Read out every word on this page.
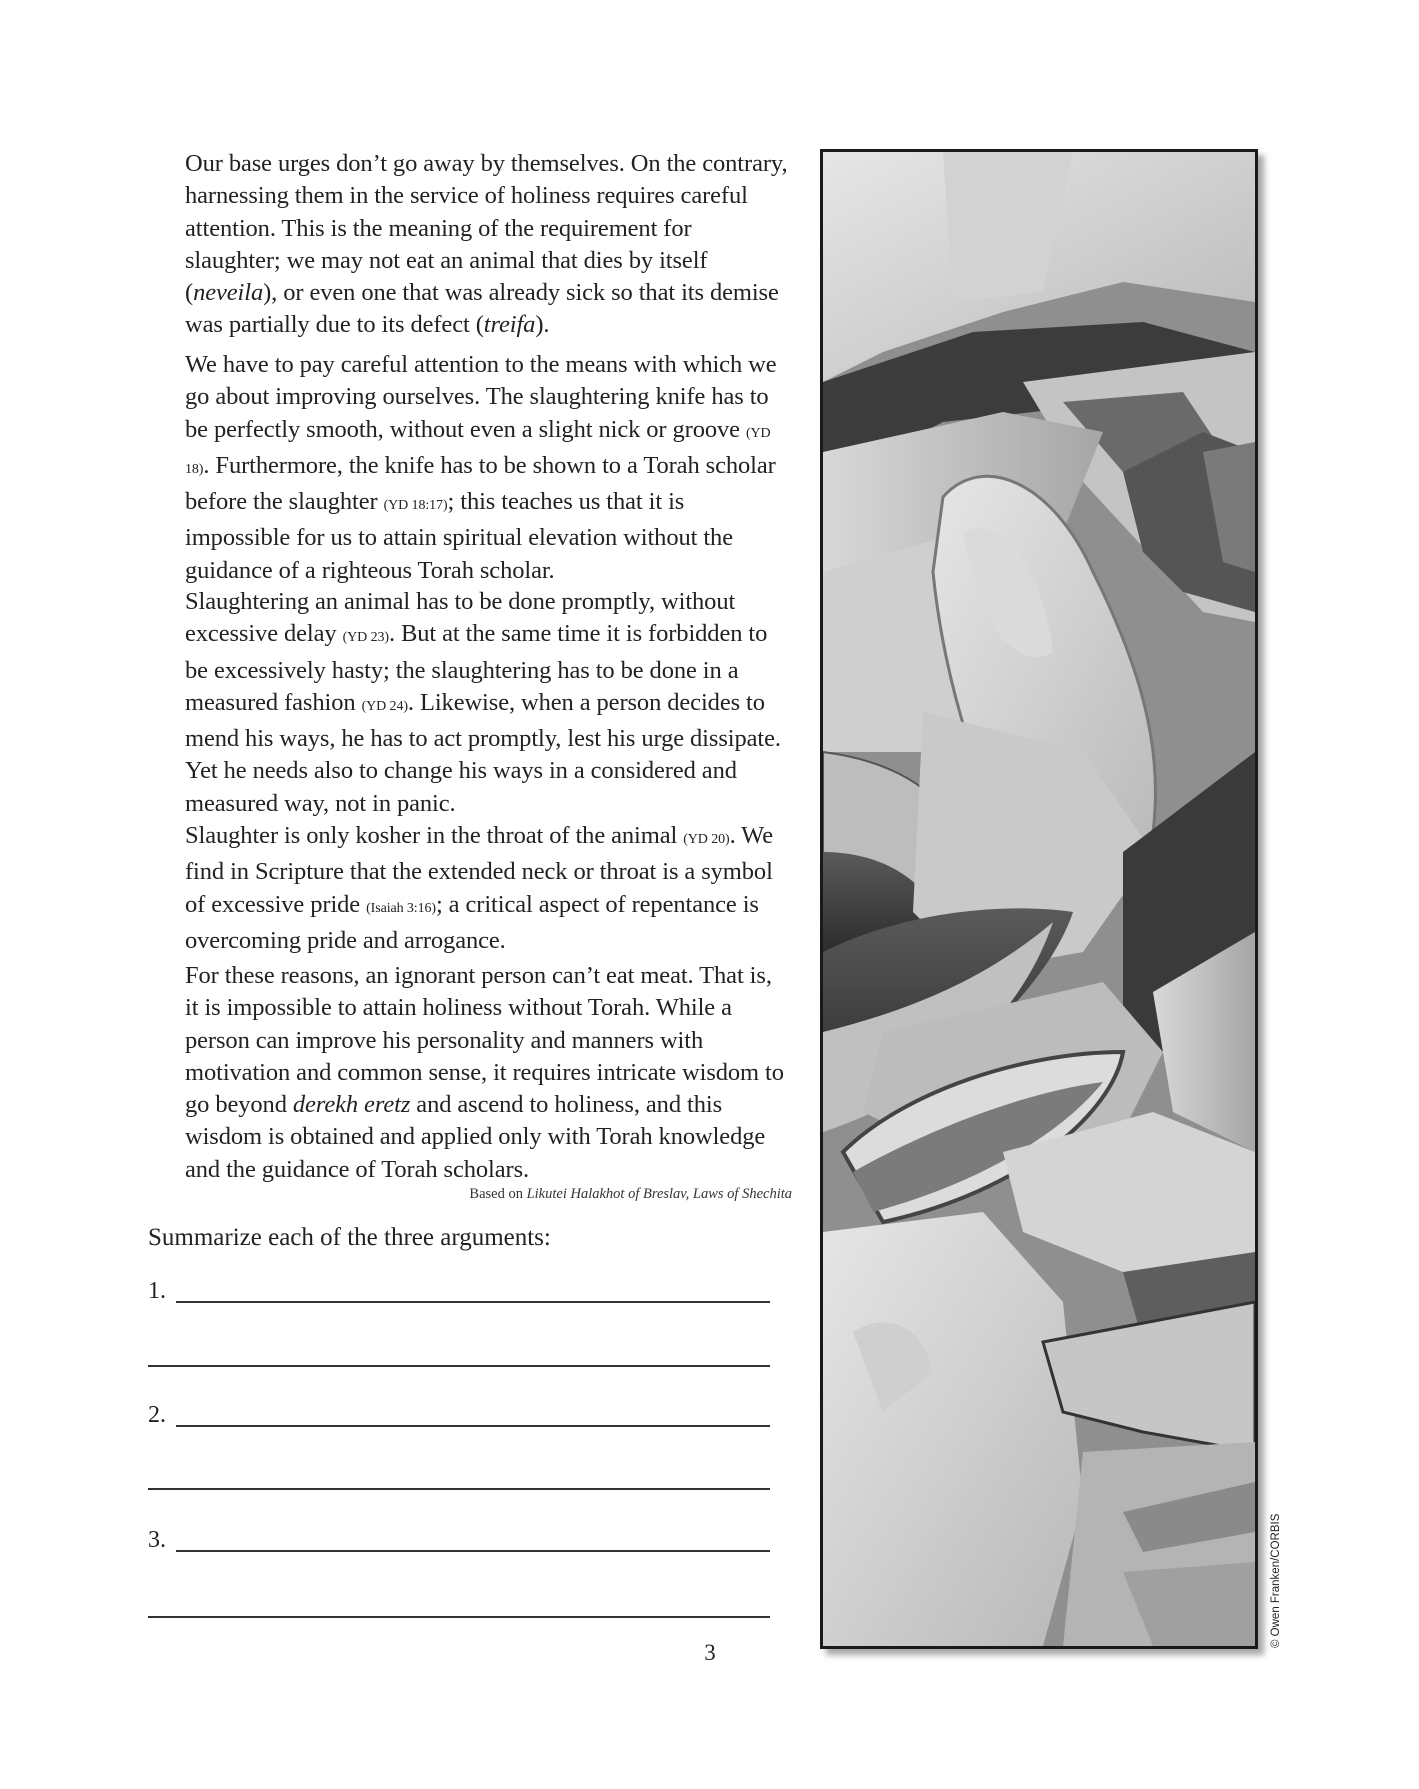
Our base urges don’t go away by themselves. On the contrary, harnessing them in the service of holiness requires careful attention. This is the meaning of the requirement for slaughter; we may not eat an animal that dies by itself (neveila), or even one that was already sick so that its demise was partially due to its defect (treifa).

We have to pay careful attention to the means with which we go about improving ourselves. The slaughtering knife has to be perfectly smooth, without even a slight nick or groove (YD 18). Furthermore, the knife has to be shown to a Torah scholar before the slaughter (YD 18:17); this teaches us that it is impossible for us to attain spiritual elevation without the guidance of a righteous Torah scholar.

Slaughtering an animal has to be done promptly, without excessive delay (YD 23). But at the same time it is forbidden to be excessively hasty; the slaughtering has to be done in a measured fashion (YD 24). Likewise, when a person decides to mend his ways, he has to act promptly, lest his urge dissipate. Yet he needs also to change his ways in a considered and measured way, not in panic.

Slaughter is only kosher in the throat of the animal (YD 20). We find in Scripture that the extended neck or throat is a symbol of excessive pride (Isaiah 3:16); a critical aspect of repentance is overcoming pride and arrogance.

For these reasons, an ignorant person can’t eat meat. That is, it is impossible to attain holiness without Torah. While a person can improve his personality and manners with motivation and common sense, it requires intricate wisdom to go beyond derekh eretz and ascend to holiness, and this wisdom is obtained and applied only with Torah knowledge and the guidance of Torah scholars.

Based on Likutei Halakhot of Breslav, Laws of Shechita
Summarize each of the three arguments:
1.
2.
3.
3
© Owen Franken/CORBIS
